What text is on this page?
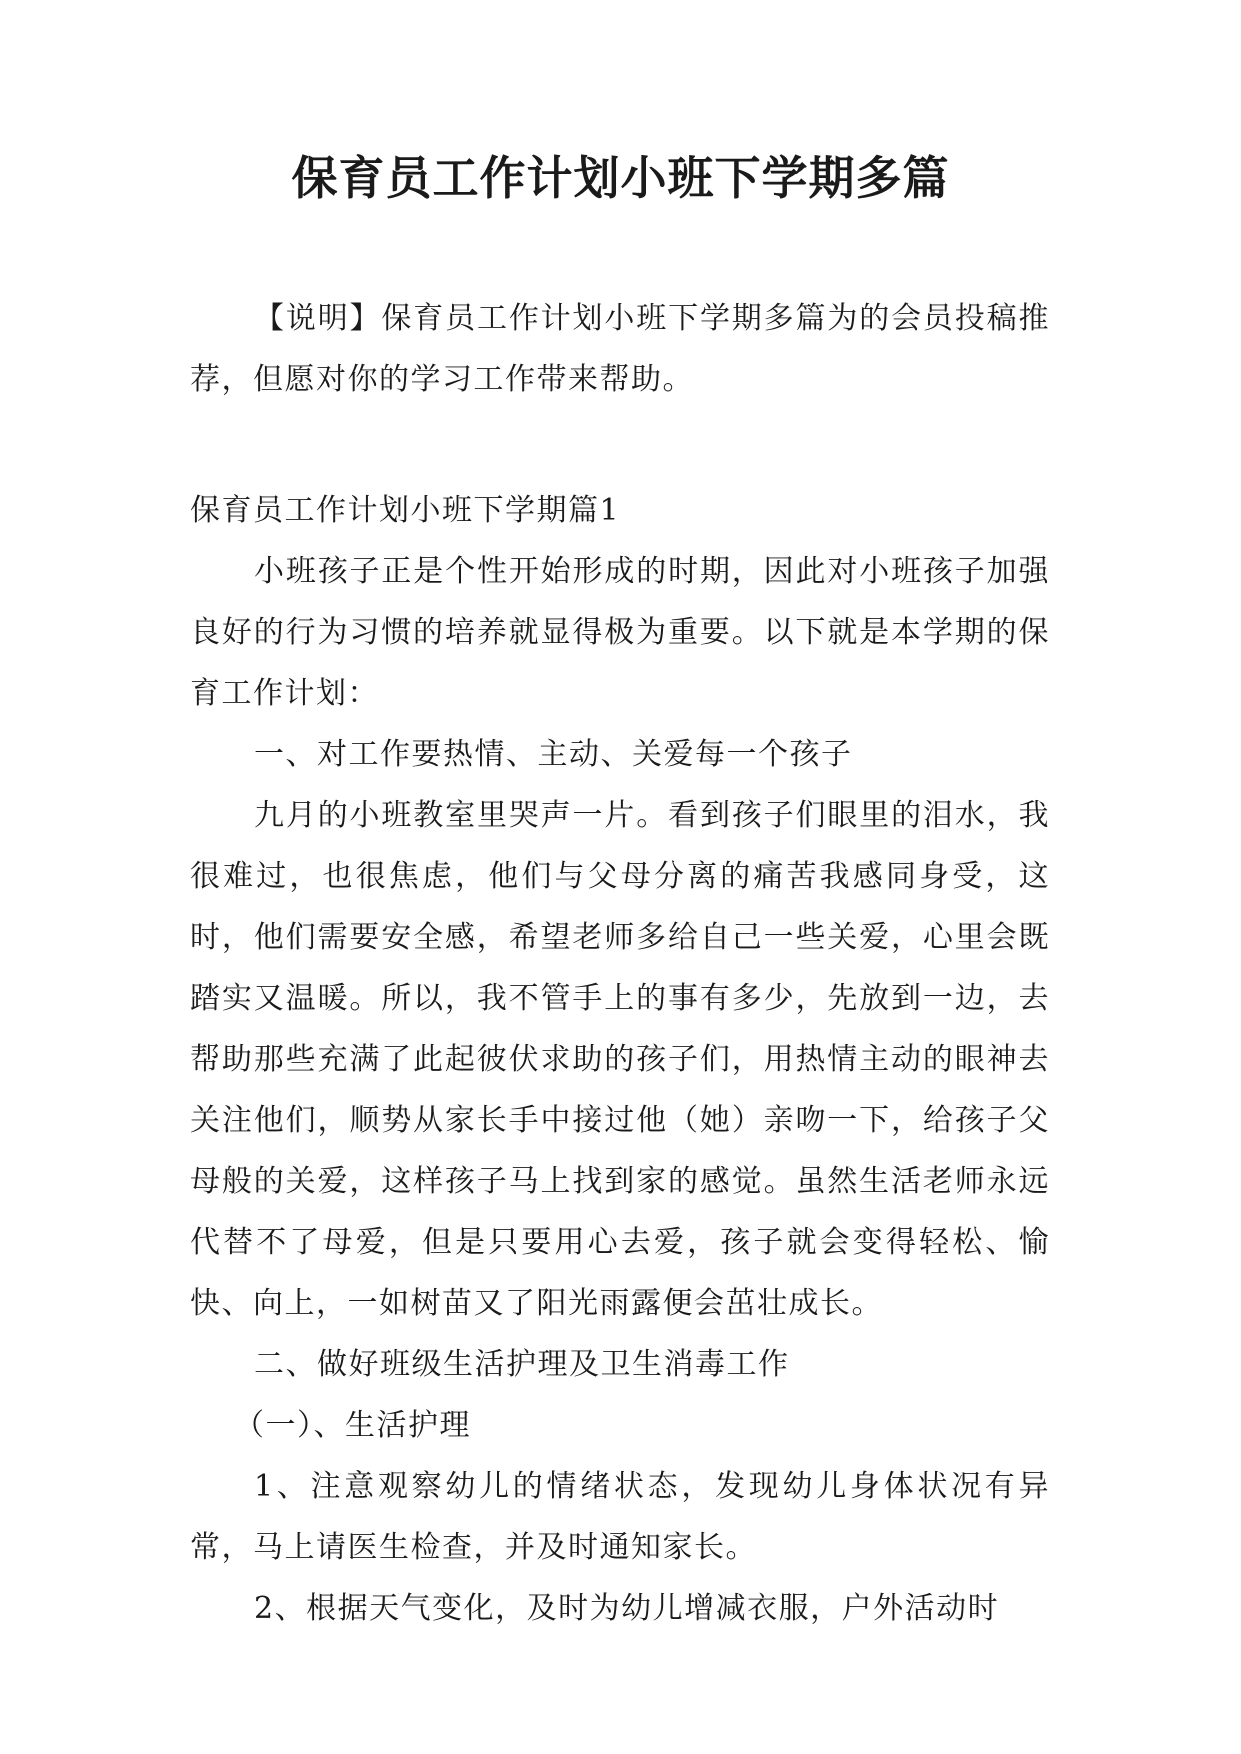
保育员工作计划小班下学期多篇

【说明】保育员工作计划小班下学期多篇为的会员投稿推荐，但愿对你的学习工作带来帮助。

保育员工作计划小班下学期篇1

小班孩子正是个性开始形成的时期，因此对小班孩子加强良好的行为习惯的培养就显得极为重要。以下就是本学期的保育工作计划：

一、对工作要热情、主动、关爱每一个孩子

九月的小班教室里哭声一片。看到孩子们眼里的泪水，我很难过，也很焦虑，他们与父母分离的痛苦我感同身受，这时，他们需要安全感，希望老师多给自己一些关爱，心里会既踏实又温暖。所以，我不管手上的事有多少，先放到一边，去帮助那些充满了此起彼伏求助的孩子们，用热情主动的眼神去关注他们，顺势从家长手中接过他（她）亲吻一下，给孩子父母般的关爱，这样孩子马上找到家的感觉。虽然生活老师永远代替不了母爱，但是只要用心去爱，孩子就会变得轻松、愉快、向上，一如树苗又了阳光雨露便会茁壮成长。

二、做好班级生活护理及卫生消毒工作

（一）、生活护理

1、注意观察幼儿的情绪状态，发现幼儿身体状况有异常，马上请医生检查，并及时通知家长。

2、根据天气变化，及时为幼儿增减衣服，户外活动时
